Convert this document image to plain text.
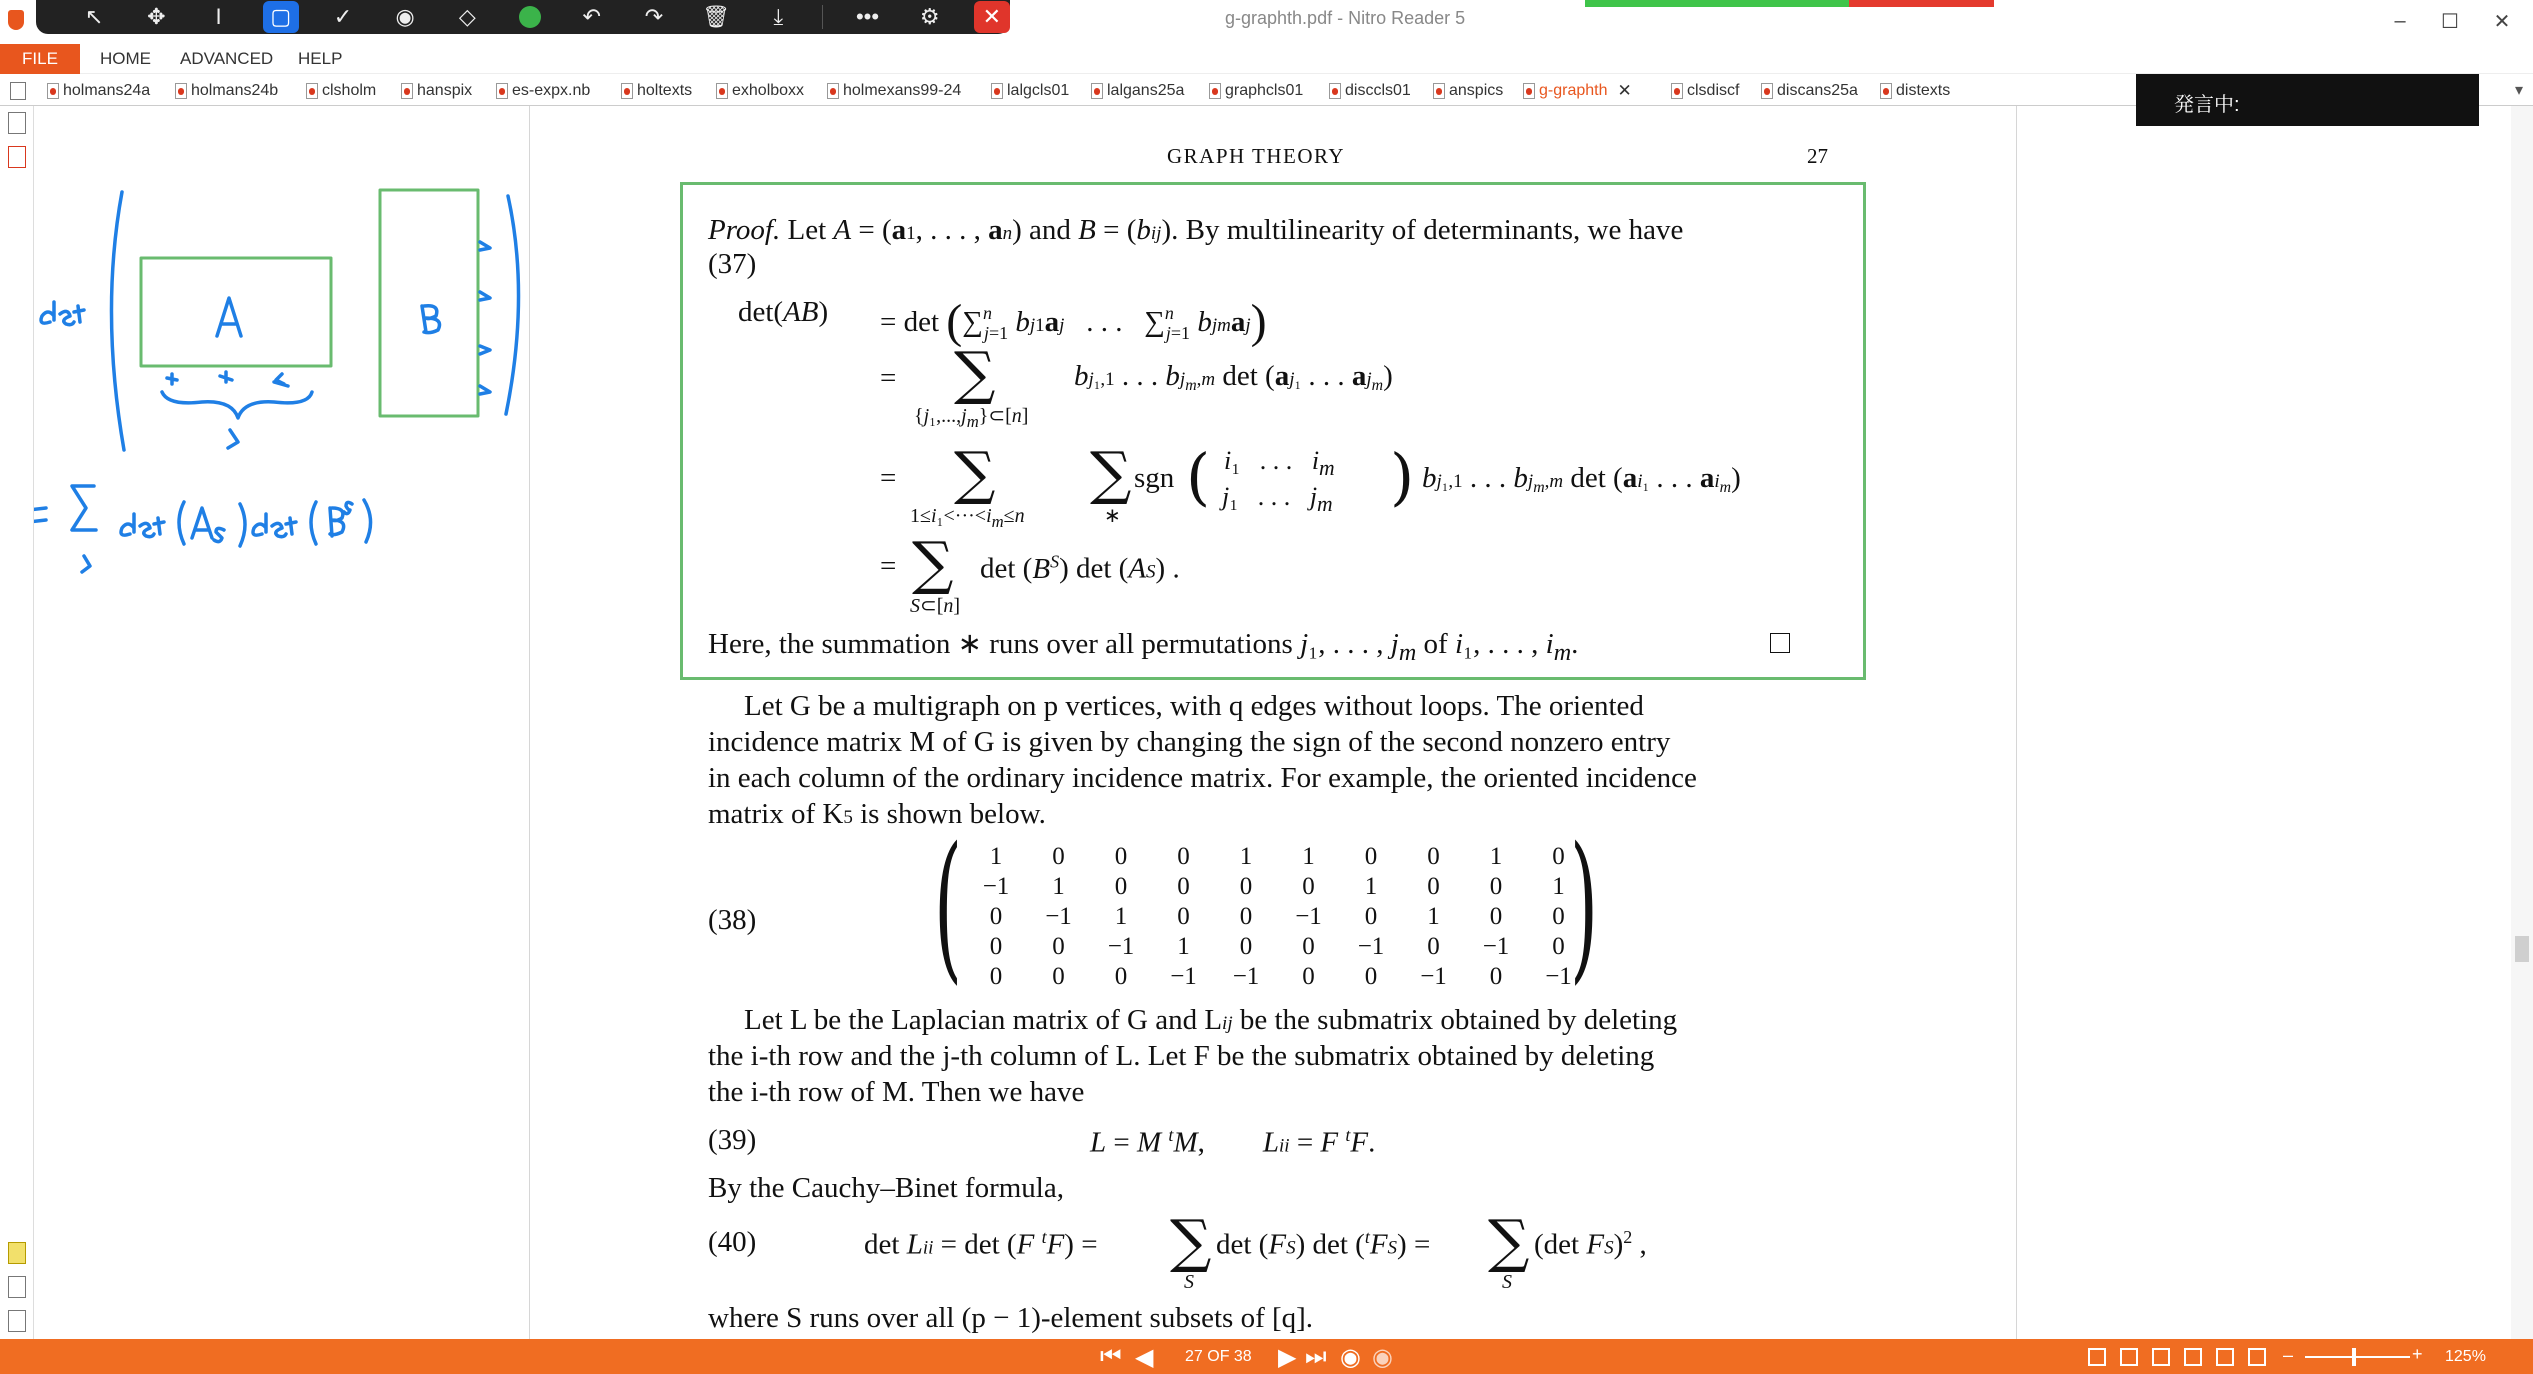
g-graphth.pdf - Nitro Reader 5	–	☐	✕
↖	✥	I	▢	✓	◉	◇	↶	↷	🗑	⤓	•••	⚙	✕
FILE	HOME ADVANCED HELP
holmans24a	holmans24b	clsholm	hanspix es-expx.nb	holtexts exholboxx holmexans99-24	lalgcls01 lalgans25a	graphcls01	disccls01 anspics g-graphth ✕	clsdiscf discans25a distexts	▾
GRAPH THEORY	27
Proof. Let A = (a1, . . . , an) and B = (bij). By multilinearity of determinants, we have
(37)
det(AB) = det (∑$^n_{j=1}$ bj1aj   . . .   ∑$^n_{j=1}$ bjmaj)
= ∑
$\{j_1,...,j_m\}\subset[n]$
bj₁,1 . . . $bj_m,m$ det (aj₁ . . . $aj_m$)
= ∑
$1\le i_1<\cdot\cdot\cdot<i_m\le n$
∑
∗
sgn ( i₁   . . .   $i_m$
j₁   . . .   $j_m$ ) bj₁,1 . . . $bj_m,m$ det (ai₁ . . . $ai_m$)
= ∑
S⊂[n]
$\det (B^S)$ det (AS) .
Here, the summation ∗ runs over all permutations j₁, . . . , $j_m$ of i₁, . . . , $i_m$.
Let G be a multigraph on p vertices, with q edges without loops. The oriented
incidence matrix M of G is given by changing the sign of the second nonzero entry
in each column of the ordinary incidence matrix. For example, the oriented incidence
matrix of K5 is shown below.
(38) (	)
1	0	0	0	1	1	0	0	1	0
−1	1	0	0	0	0	1	0	0	1
0	−1	1	0	0	−1	0	1	0	0
0	0	−1	1	0	0	−1	0	−1	0
0	0	0	−1	−1	0	0	−1	0	−1
Let L be the Laplacian matrix of G and Lij be the submatrix obtained by deleting
the i-th row and the j-th column of L. Let F be the submatrix obtained by deleting
the i-th row of M. Then we have
(39)	L = M $^t$M,        Lii = F $^t$F.
By the Cauchy–Binet formula,
(40)	det Lii = det (F $^t$F) = ∑
S
det (FS) det ($^t$FS) = ∑
S
(det FS)$^2$ ,
where S runs over all (p − 1)-element subsets of [q].
発言中:
⏮ ◀ 27 OF 38 ▶ ⏭ ◉ ◉	–	+ 125%
